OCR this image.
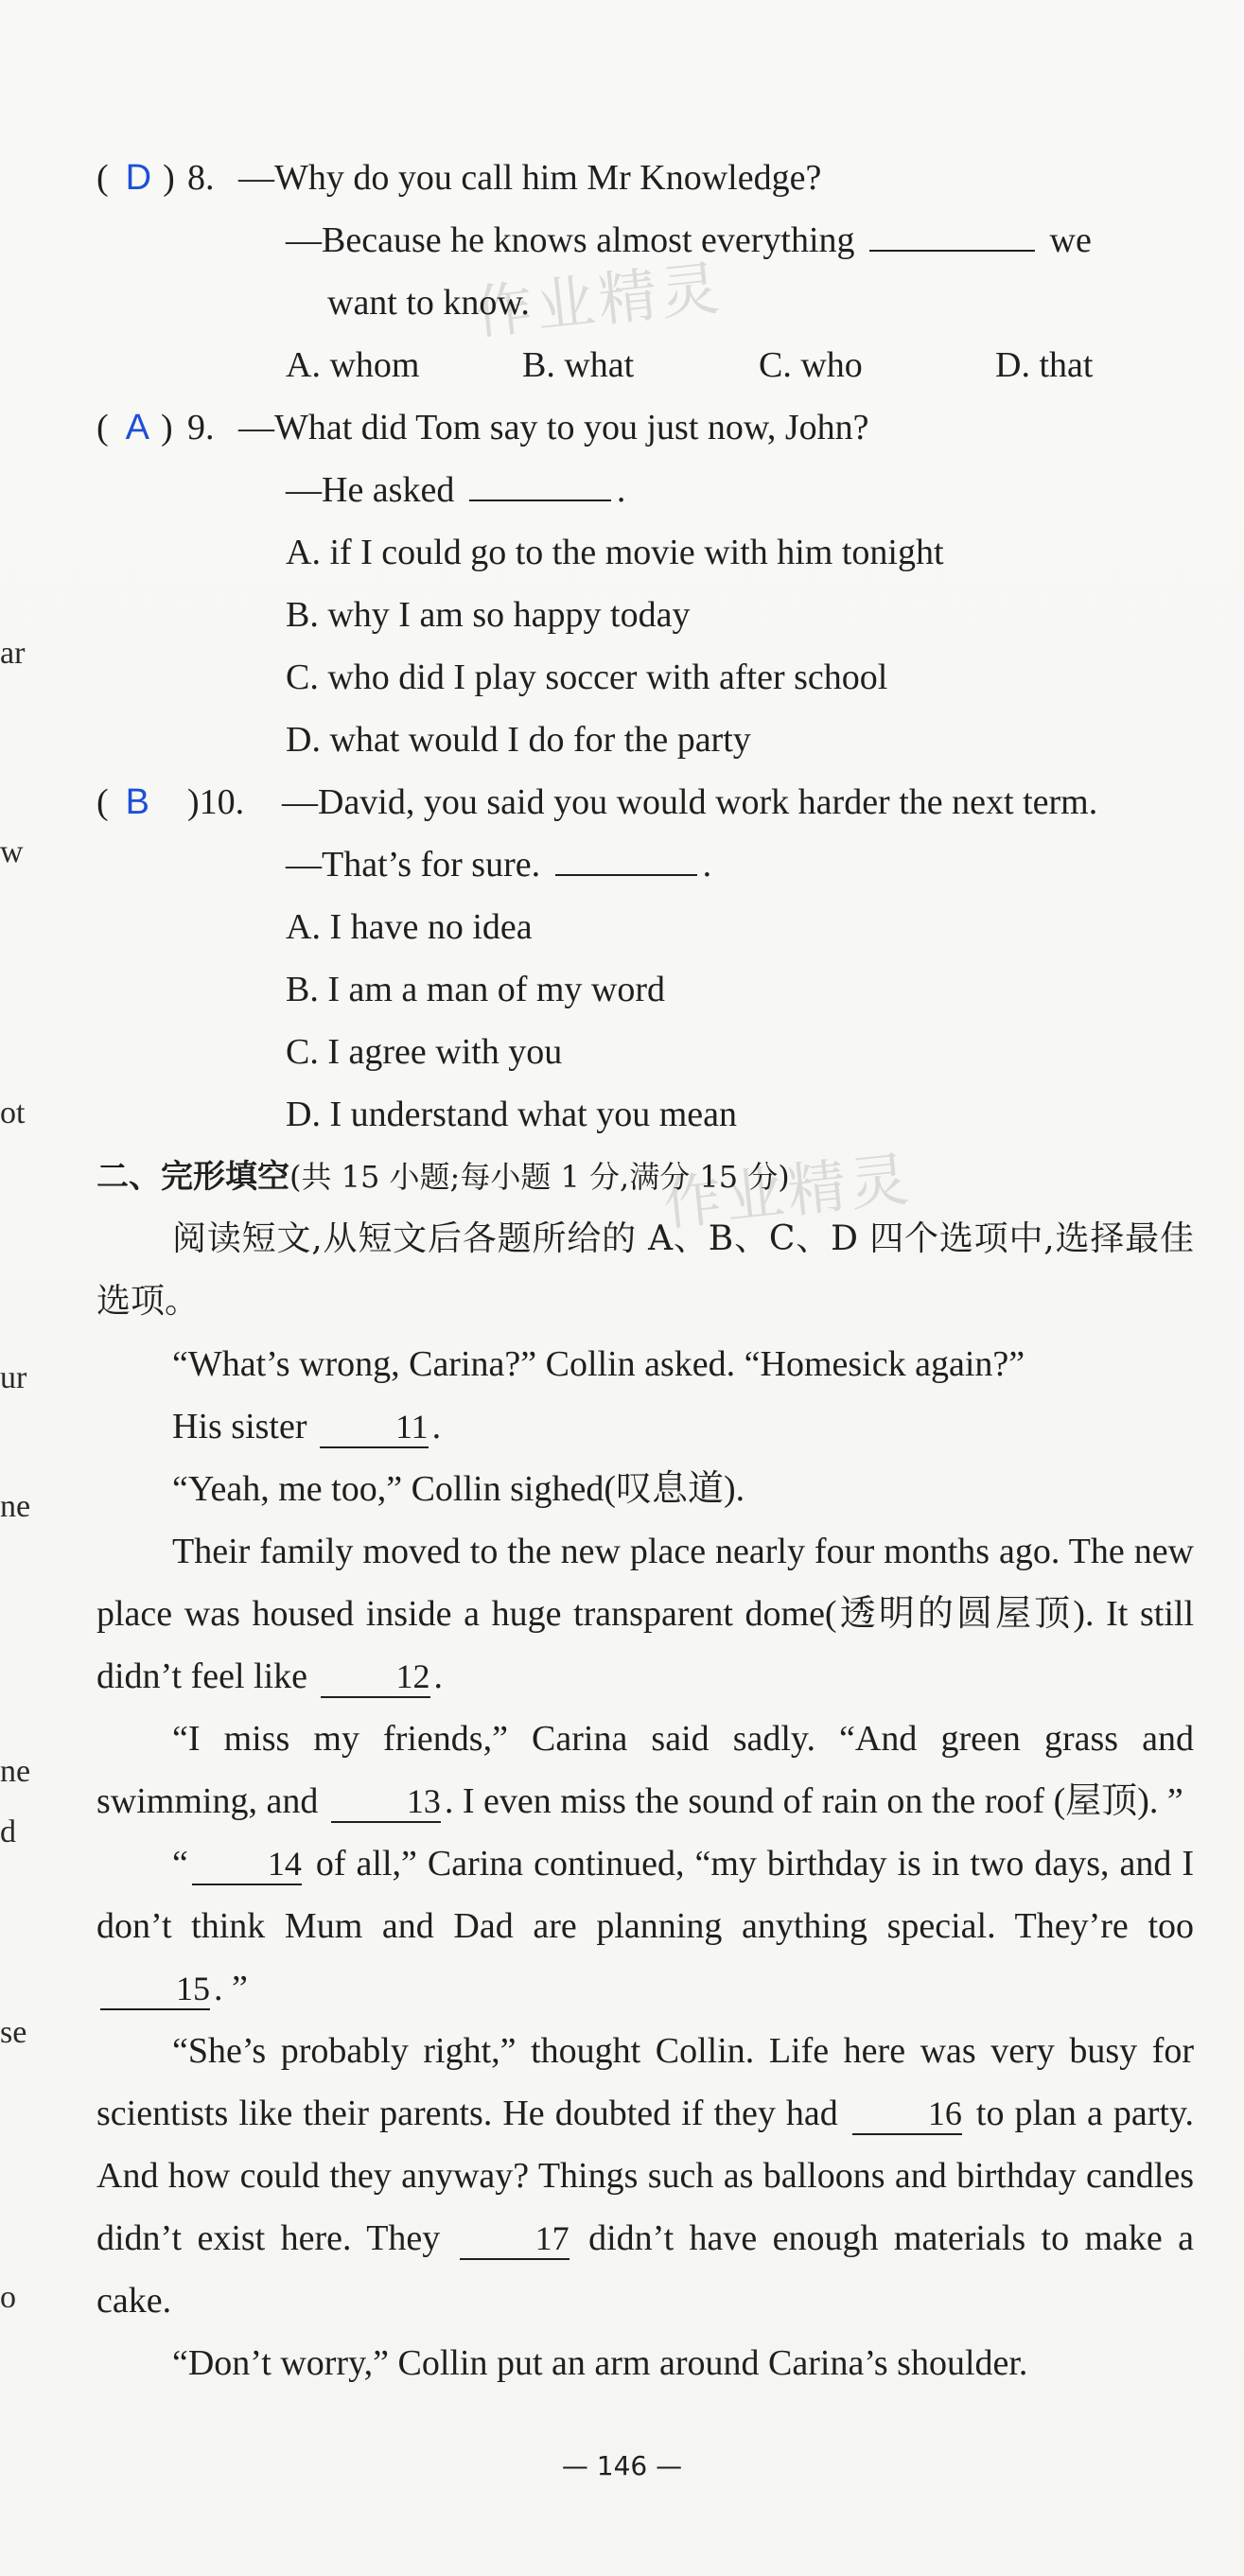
ar
w
ot
ur
ne
ne
d
se
o
作业精灵
作业精灵
( D ) 8. —Why do you call him Mr Knowledge?
—Because he knows almost everything	we
want to know.
A. whom	B. what	C. who	D. that
( A ) 9. —What did Tom say to you just now, John?
—He asked	.
A. if I could go to the movie with him tonight
B. why I am so happy today
C. who did I play soccer with after school
D. what would I do for the party
( B	)10.	—David, you said you would work harder the next term.
—That’s for sure.	.
A. I have no idea
B. I am a man of my word
C. I agree with you
D. I understand what you mean
二、完形填空(共 15 小题;每小题 1 分,满分 15 分)

阅读短文,从短文后各题所给的 A、B、C、D 四个选项中,选择最佳选项。

“What’s wrong, Carina?” Collin asked. “Homesick again?”

His sister	11 .

“Yeah, me too,” Collin sighed(叹息道).

Their family moved to the new place nearly four months ago. The new place was housed inside a huge transparent dome(透明的圆屋顶). It still didn’t feel like	12 .

“I miss my friends,” Carina said sadly. “And green grass and swimming, and	13 . I even miss the sound of rain on the roof (屋顶). ”

“ 14 of all,” Carina continued, “my birthday is in two days, and I don’t think Mum and Dad are planning anything special. They’re too 15 . ”

“She’s probably right,” thought Collin. Life here was very busy for scientists like their parents. He doubted if they had	16 to plan a party. And how could they anyway? Things such as balloons and birthday candles didn’t exist here. They	17 didn’t have enough materials to make a cake.

“Don’t worry,” Collin put an arm around Carina’s shoulder.

— 146 —
